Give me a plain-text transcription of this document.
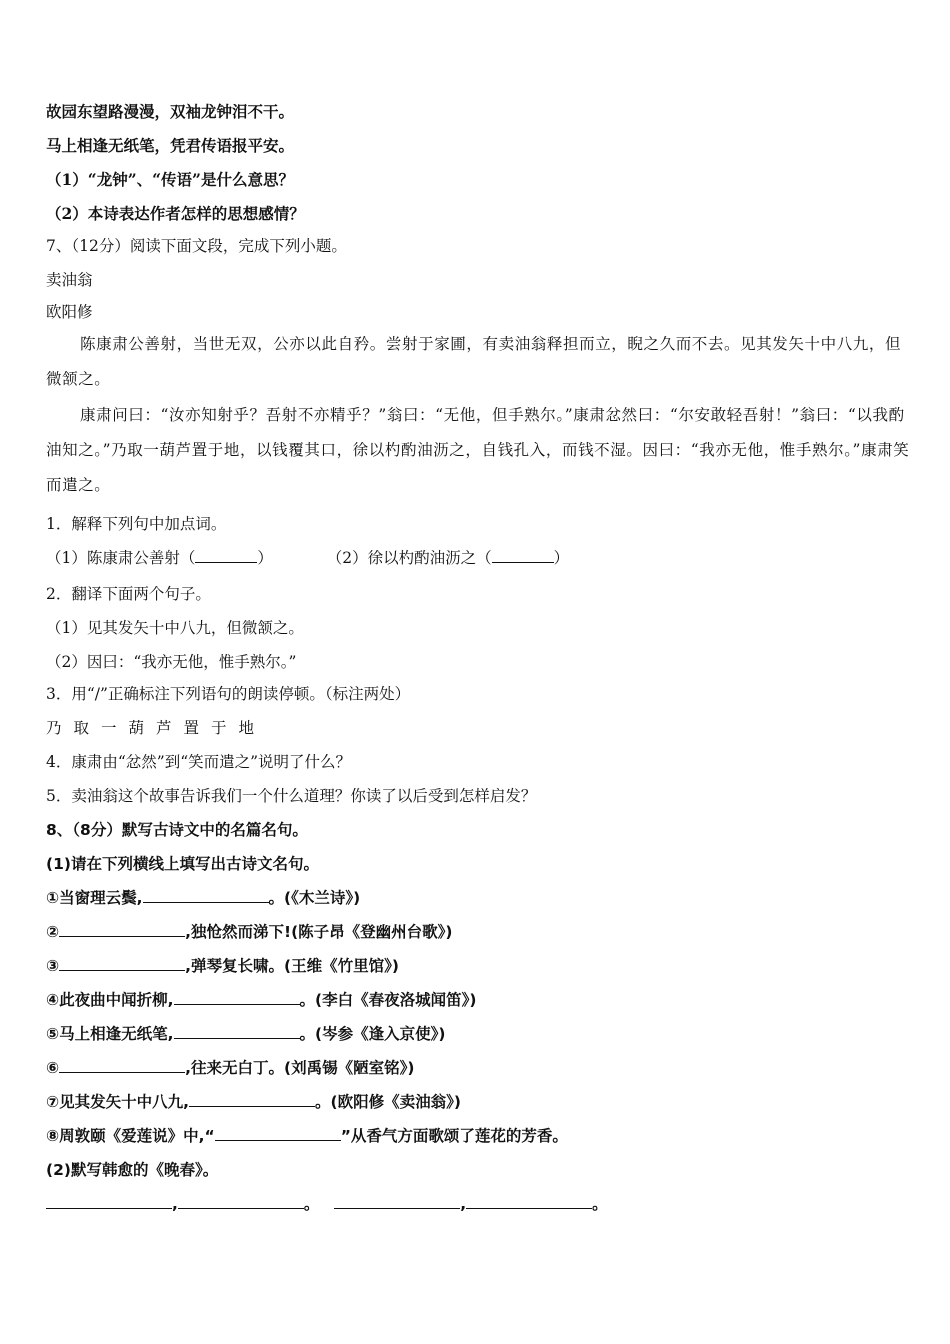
故园东望路漫漫，双袖龙钟泪不干。
马上相逢无纸笔，凭君传语报平安。
（1）“龙钟”、“传语”是什么意思？
（2）本诗表达作者怎样的思想感情？
7、（12分）阅读下面文段，完成下列小题。
卖油翁
欧阳修
陈康肃公善射，当世无双，公亦以此自矜。尝射于家圃，有卖油翁释担而立，睨之久而不去。见其发矢十中八九，但微颔之。
康肃问曰：“汝亦知射乎？吾射不亦精乎？”翁曰：“无他，但手熟尔。”康肃忿然曰：“尔安敢轻吾射！”翁曰：“以我酌油知之。”乃取一葫芦置于地，以钱覆其口，徐以杓酌油沥之，自钱孔入，而钱不湿。因曰：“我亦无他，惟手熟尔。”康肃笑而遣之。
1．解释下列句中加点词。
（1）陈康肃公善射（	）	（2）徐以杓酌油沥之（	）
2．翻译下面两个句子。
（1）见其发矢十中八九，但微颔之。
（2）因曰：“我亦无他，惟手熟尔。”
3．用“/”正确标注下列语句的朗读停顿。（标注两处）
乃取一葫芦置于地
4．康肃由“忿然”到“笑而遣之”说明了什么？
5．卖油翁这个故事告诉我们一个什么道理？你读了以后受到怎样启发？
8、（8分）默写古诗文中的名篇名句。
(1)请在下列横线上填写出古诗文名句。
①当窗理云鬓,	。(《木兰诗》)
②	,独怆然而涕下!(陈子昂《登幽州台歌》)
③	,弹琴复长啸。(王维《竹里馆》)
④此夜曲中闻折柳,	。(李白《春夜洛城闻笛》)
⑤马上相逢无纸笔,	。(岑参《逢入京使》)
⑥	,往来无白丁。(刘禹锡《陋室铭》)
⑦见其发矢十中八九,	。(欧阳修《卖油翁》)
⑧周敦颐《爱莲说》中,“	”从香气方面歌颂了莲花的芳香。
(2)默写韩愈的《晚春》。
,	。	,	。
